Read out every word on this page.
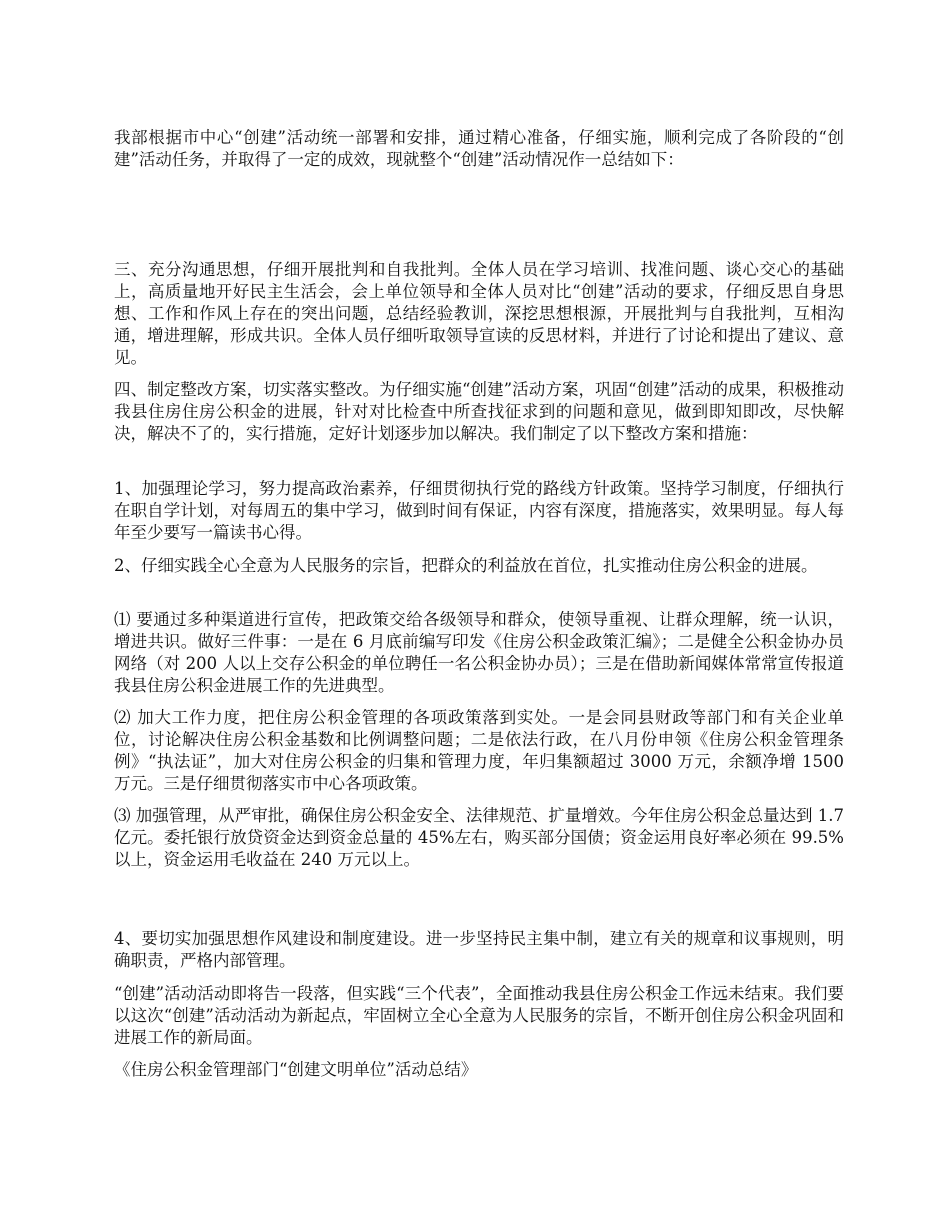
我部根据市中心“创建”活动统一部署和安排，通过精心准备，仔细实施，顺利完成了各阶段的“创建”活动任务，并取得了一定的成效，现就整个“创建”活动情况作一总结如下：

三、充分沟通思想，仔细开展批判和自我批判。全体人员在学习培训、找准问题、谈心交心的基础上，高质量地开好民主生活会，会上单位领导和全体人员对比“创建”活动的要求，仔细反思自身思想、工作和作风上存在的突出问题，总结经验教训，深挖思想根源，开展批判与自我批判，互相沟通，增进理解，形成共识。全体人员仔细听取领导宣读的反思材料，并进行了讨论和提出了建议、意见。

四、制定整改方案，切实落实整改。为仔细实施“创建”活动方案，巩固“创建”活动的成果，积极推动我县住房住房公积金的进展，针对对比检查中所查找征求到的问题和意见，做到即知即改，尽快解决，解决不了的，实行措施，定好计划逐步加以解决。我们制定了以下整改方案和措施：

1、加强理论学习，努力提高政治素养，仔细贯彻执行党的路线方针政策。坚持学习制度，仔细执行在职自学计划，对每周五的集中学习，做到时间有保证，内容有深度，措施落实，效果明显。每人每年至少要写一篇读书心得。

2、仔细实践全心全意为人民服务的宗旨，把群众的利益放在首位，扎实推动住房公积金的进展。

⑴ 要通过多种渠道进行宣传，把政策交给各级领导和群众，使领导重视、让群众理解，统一认识，增进共识。做好三件事：一是在 6 月底前编写印发《住房公积金政策汇编》；二是健全公积金协办员网络（对 200 人以上交存公积金的单位聘任一名公积金协办员）；三是在借助新闻媒体常常宣传报道我县住房公积金进展工作的先进典型。

⑵ 加大工作力度，把住房公积金管理的各项政策落到实处。一是会同县财政等部门和有关企业单位，讨论解决住房公积金基数和比例调整问题；二是依法行政，在八月份申领《住房公积金管理条例》“执法证”，加大对住房公积金的归集和管理力度，年归集额超过 3000 万元，余额净增 1500 万元。三是仔细贯彻落实市中心各项政策。

⑶ 加强管理，从严审批，确保住房公积金安全、法律规范、扩量增效。今年住房公积金总量达到 1.7 亿元。委托银行放贷资金达到资金总量的 45%左右，购买部分国债；资金运用良好率必须在 99.5%以上，资金运用毛收益在 240 万元以上。

4、要切实加强思想作风建设和制度建设。进一步坚持民主集中制，建立有关的规章和议事规则，明确职责，严格内部管理。

“创建”活动活动即将告一段落，但实践“三个代表”，全面推动我县住房公积金工作远未结束。我们要以这次“创建”活动活动为新起点，牢固树立全心全意为人民服务的宗旨，不断开创住房公积金巩固和进展工作的新局面。

《住房公积金管理部门“创建文明单位”活动总结》
